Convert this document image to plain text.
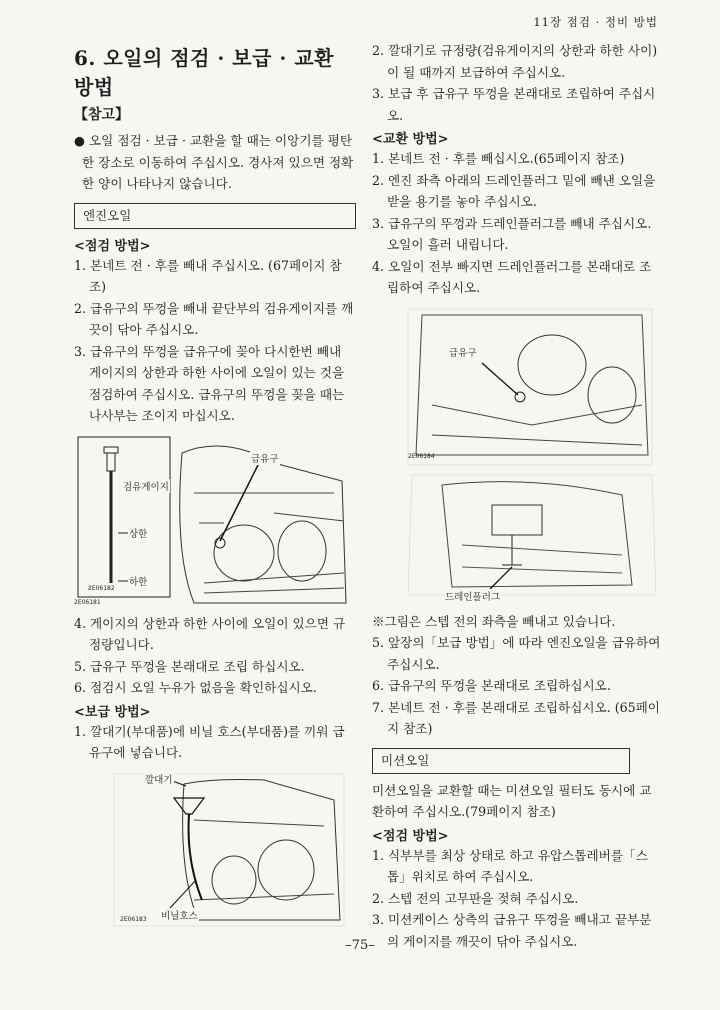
11장 점검 · 정비 방법
6. 오일의 점검 · 보급 · 교환 방법
【참고】

● 오일 점검 · 보급 · 교환을 할 때는 이앙기를 평탄한 장소로 이동하여 주십시오. 경사져 있으면 정확한 양이 나타나지 않습니다.

엔진오일
<점검 방법>
1. 본네트 전 · 후를 빼내 주십시오. (67페이지 참조)
2. 급유구의 뚜껑을 빼내 끝단부의 검유게이지를 깨끗이 닦아 주십시오.
3. 급유구의 뚜껑을 급유구에 꽂아 다시한번 빼내 게이지의 상한과 하한 사이에 오일이 있는 것을 점검하여 주십시오. 급유구의 뚜껑을 꽂을 때는 나사부는 조이지 마십시오.
검유게이지
상한
하한
급유구
2E06182
2E06181
4. 게이지의 상한과 하한 사이에 오일이 있으면 규정량입니다.
5. 급유구 뚜껑을 본래대로 조립 하십시오.
6. 점검시 오일 누유가 없음을 확인하십시오.
<보급 방법>
1. 깔대기(부대품)에 비닐 호스(부대품)를 끼워 급유구에 넣습니다.
깔대기
비닐호스
2E06183
2. 깔대기로 규정량(검유게이지의 상한과 하한 사이)이 될 때까지 보급하여 주십시오.
3. 보급 후 급유구 뚜껑을 본래대로 조립하여 주십시오.
<교환 방법>
1. 본네트 전 · 후를 빼십시오.(65페이지 참조)
2. 엔진 좌측 아래의 드레인플러그 밑에 빼낸 오일을 받을 용기를 놓아 주십시오.
3. 급유구의 뚜껑과 드레인플러그를 빼내 주십시오. 오일이 흘러 내립니다.
4. 오일이 전부 빠지면 드레인플러그를 본래대로 조립하여 주십시오.
급유구
드레인플러그
2E06184
※그림은 스텝 전의 좌측을 빼내고 있습니다.
5. 앞장의「보급 방법」에 따라 엔진오일을 급유하여 주십시오.
6. 급유구의 뚜껑을 본래대로 조립하십시오.
7. 본네트 전 · 후를 본래대로 조립하십시오. (65페이지 참조)
미션오일

미션오일을 교환할 때는 미션오일 필터도 동시에 교환하여 주십시오.(79페이지 참조)

<점검 방법>
1. 식부부를 최상 상태로 하고 유압스톱레버를「스톱」위치로 하여 주십시오.
2. 스텝 전의 고무판을 젖혀 주십시오.
3. 미션케이스 상측의 급유구 뚜껑을 빼내고 끝부분의 게이지를 깨끗이 닦아 주십시오.
–75–
